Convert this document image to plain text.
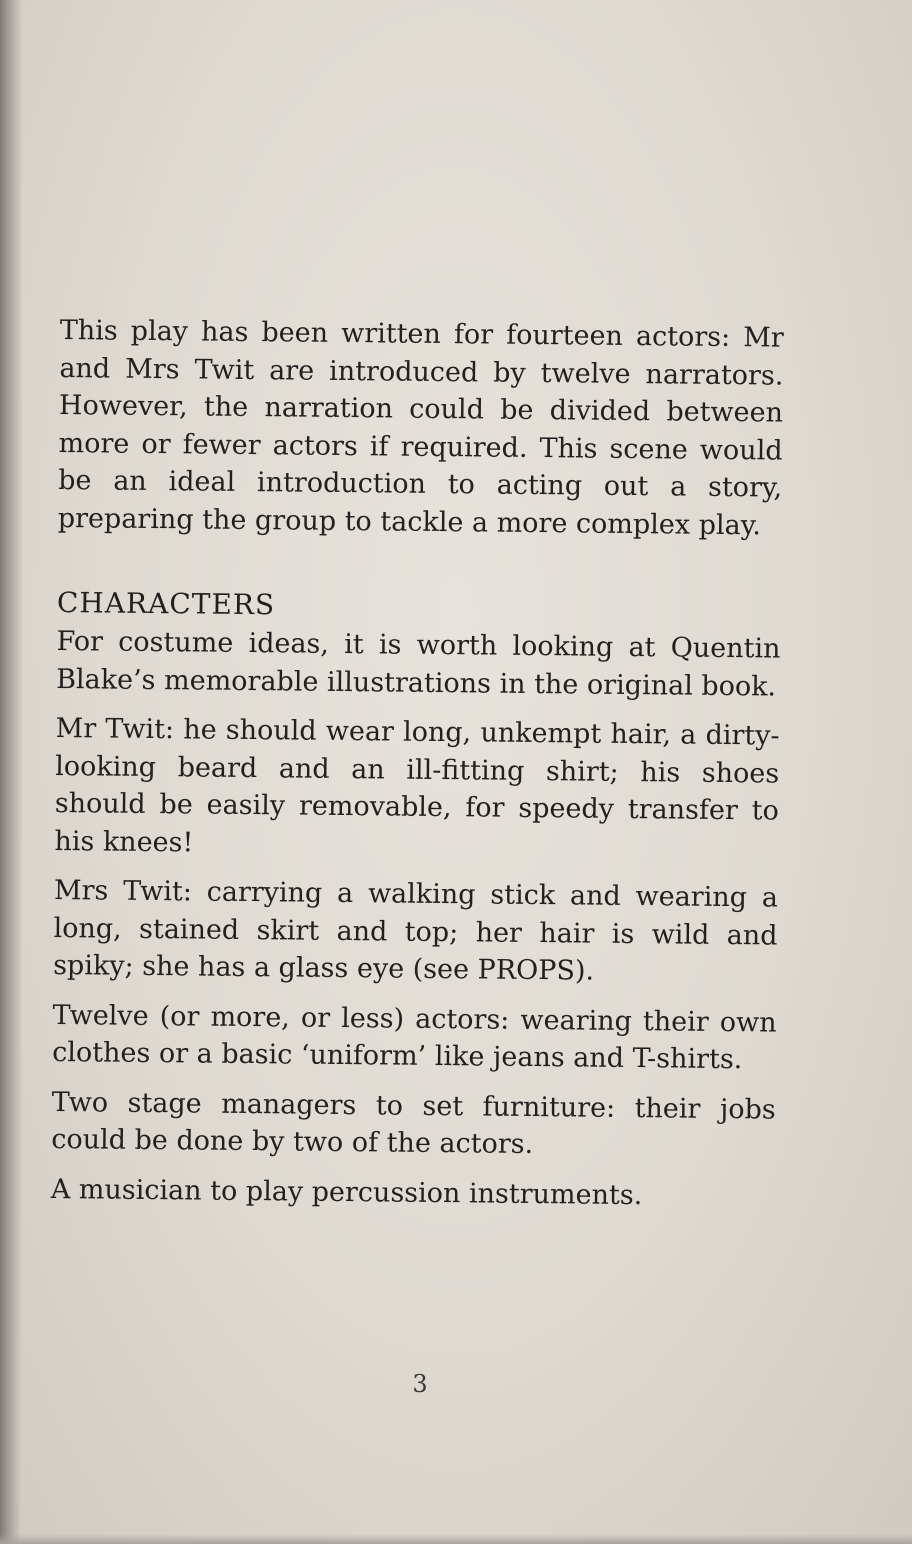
This play has been written for fourteen actors: Mr and Mrs Twit are introduced by twelve narrators. However, the narration could be divided between more or fewer actors if required. This scene would be an ideal introduction to acting out a story, preparing the group to tackle a more complex play.

CHARACTERS

For costume ideas, it is worth looking at Quentin Blake’s memorable illustrations in the original book.

Mr Twit: he should wear long, unkempt hair, a dirty-looking beard and an ill-fitting shirt; his shoes should be easily removable, for speedy transfer to his knees!

Mrs Twit: carrying a walking stick and wearing a long, stained skirt and top; her hair is wild and spiky; she has a glass eye (see PROPS).

Twelve (or more, or less) actors: wearing their own clothes or a basic ‘uniform’ like jeans and T-shirts.

Two stage managers to set furniture: their jobs could be done by two of the actors.

A musician to play percussion instruments.

3
